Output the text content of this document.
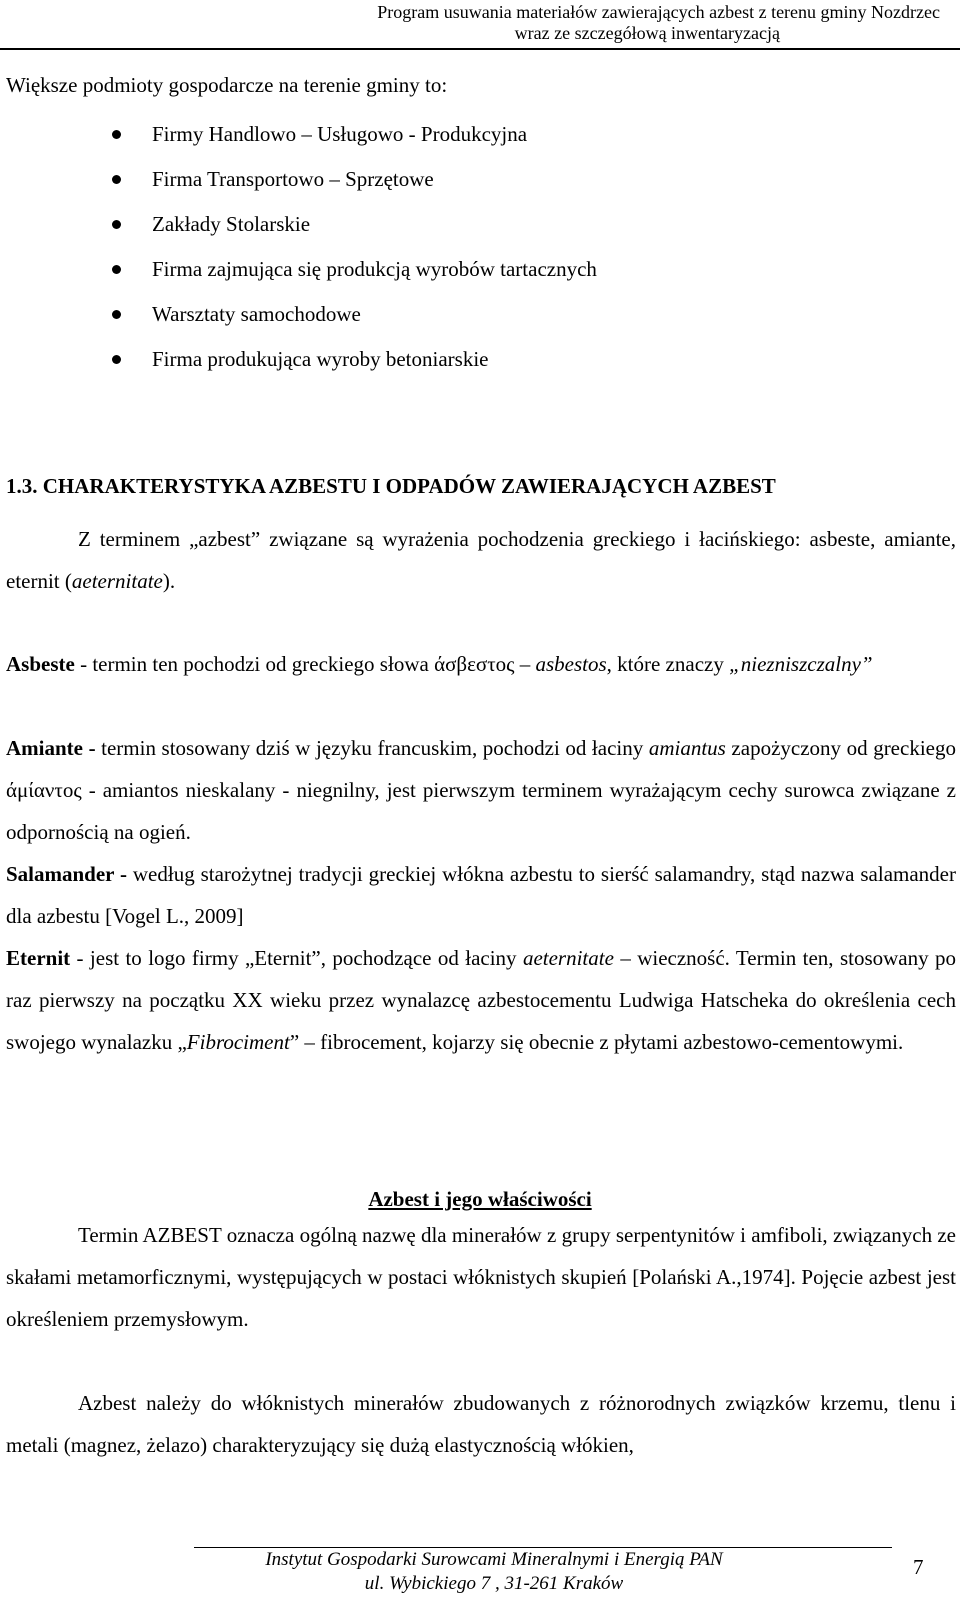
Program usuwania materiałów zawierających azbest z terenu gminy Nozdrzec
wraz ze szczegółową inwentaryzacją

Większe podmioty gospodarcze na terenie gminy to:

Firmy Handlowo – Usługowo - Produkcyjna
Firma Transportowo – Sprzętowe
Zakłady Stolarskie
Firma zajmująca się produkcją wyrobów tartacznych
Warsztaty samochodowe
Firma produkująca wyroby betoniarskie

1.3. CHARAKTERYSTYKA AZBESTU I ODPADÓW ZAWIERAJĄCYCH AZBEST

Z terminem „azbest” związane są wyrażenia pochodzenia greckiego i łacińskiego: asbeste, amiante, eternit (aeternitate).

Asbeste - termin ten pochodzi od greckiego słowa άσβεστος – asbestos, które znaczy „niezniszczalny”

Amiante - termin stosowany dziś w języku francuskim, pochodzi od łaciny amiantus zapożyczony od greckiego άμίαντος - amiantos nieskalany - niegnilny, jest pierwszym terminem wyrażającym cechy surowca związane z odpornością na ogień.

Salamander - według starożytnej tradycji greckiej włókna azbestu to sierść salamandry, stąd nazwa salamander dla azbestu [Vogel L., 2009]

Eternit - jest to logo firmy „Eternit”, pochodzące od łaciny aeternitate – wieczność. Termin ten, stosowany po raz pierwszy na początku XX wieku przez wynalazcę azbestocementu Ludwiga Hatscheka do określenia cech swojego wynalazku „Fibrociment” – fibrocement, kojarzy się obecnie z płytami azbestowo-cementowymi.

Azbest i jego właściwości

Termin AZBEST oznacza ogólną nazwę dla minerałów z grupy serpentynitów i amfiboli, związanych ze skałami metamorficznymi, występujących w postaci włóknistych skupień [Polański A.,1974]. Pojęcie azbest jest określeniem przemysłowym.

Azbest należy do włóknistych minerałów zbudowanych z różnorodnych związków krzemu, tlenu i metali (magnez, żelazo) charakteryzujący się dużą elastycznością włókien,

Instytut Gospodarki Surowcami Mineralnymi i Energią PAN
ul. Wybickiego 7 , 31-261 Kraków
7
